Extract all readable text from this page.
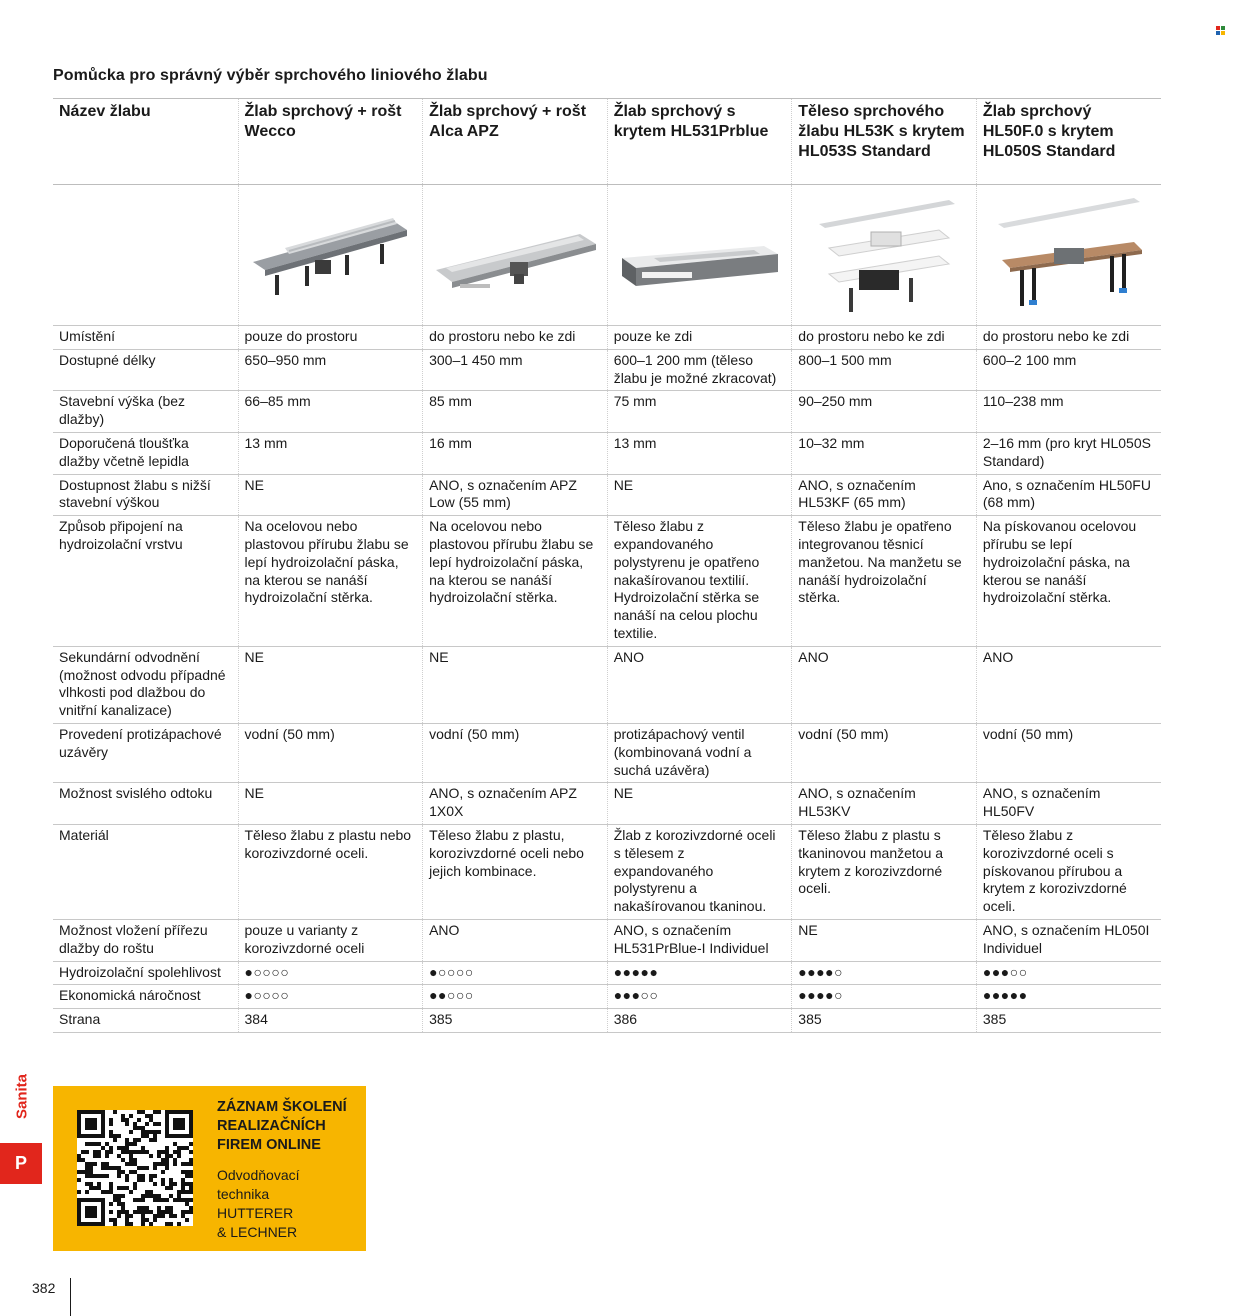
Pomůcka pro správný výběr sprchového liniového žlabu
Název žlabu	Žlab sprchový + rošt Wecco	Žlab sprchový + rošt Alca APZ	Žlab sprchový s krytem HL531Prblue	Těleso sprchového žlabu HL53K s krytem HL053S Standard	Žlab sprchový HL50F.0 s krytem HL050S Standard

Umístění	pouze do prostoru	do prostoru nebo ke zdi	pouze ke zdi	do prostoru nebo ke zdi	do prostoru nebo ke zdi
Dostupné délky	650–950 mm	300–1 450 mm	600–1 200 mm (těleso žlabu je možné zkracovat)	800–1 500 mm	600–2 100 mm
Stavební výška (bez dlažby)	66–85 mm	85 mm	75 mm	90–250 mm	110–238 mm
Doporučená tloušťka dlažby včetně lepidla	13 mm	16 mm	13 mm	10–32 mm	2–16 mm (pro kryt HL050S Standard)
Dostupnost žlabu s nižší stavební výškou	NE	ANO, s označením APZ Low (55 mm)	NE	ANO, s označením HL53KF (65 mm)	Ano, s označením HL50FU (68 mm)
Způsob připojení na hydroizolační vrstvu	Na ocelovou nebo plastovou přírubu žlabu se lepí hydroizolační páska, na kterou se nanáší hydroizolační stěrka.	Na ocelovou nebo plastovou přírubu žlabu se lepí hydroizolační páska, na kterou se nanáší hydroizolační stěrka.	Těleso žlabu z expandovaného polystyrenu je opatřeno nakašírovanou textilií. Hydroizolační stěrka se nanáší na celou plochu textilie.	Těleso žlabu je opatřeno integrovanou těsnicí manžetou. Na manžetu se nanáší hydroizolační stěrka.	Na pískovanou ocelovou přírubu se lepí hydroizolační páska, na kterou se nanáší hydroizolační stěrka.
Sekundární odvodnění (možnost odvodu případné vlhkosti pod dlažbou do vnitřní kanalizace)	NE	NE	ANO	ANO	ANO
Provedení protizápachové uzávěry	vodní (50 mm)	vodní (50 mm)	protizápachový ventil (kombinovaná vodní a suchá uzávěra)	vodní (50 mm)	vodní (50 mm)
Možnost svislého odtoku	NE	ANO, s označením APZ 1X0X	NE	ANO, s označením HL53KV	ANO, s označením HL50FV
Materiál	Těleso žlabu z plastu nebo korozivzdorné oceli.	Těleso žlabu z plastu, korozivzdorné oceli nebo jejich kombinace.	Žlab z korozivzdorné oceli s tělesem z expandovaného polystyrenu a nakašírovanou tkaninou.	Těleso žlabu z plastu s tkaninovou manžetou a krytem z korozivzdorné oceli.	Těleso žlabu z korozivzdorné oceli s pískovanou přírubou a krytem z korozivzdorné oceli.
Možnost vložení přířezu dlažby do roštu	pouze u varianty z korozivzdorné oceli	ANO	ANO, s označením HL531PrBlue-I Individuel	NE	ANO, s označením HL050I Individuel
Hydroizolační spolehlivost	●○○○○	●○○○○	●●●●●	●●●●○	●●●○○
Ekonomická náročnost	●○○○○	●●○○○	●●●○○	●●●●○	●●●●●
Strana	384	385	386	385	385
Sanita
P
ZÁZNAM ŠKOLENÍ REALIZAČNÍCH FIREM ONLINE
Odvodňovací
technika
HUTTERER
& LECHNER
382
